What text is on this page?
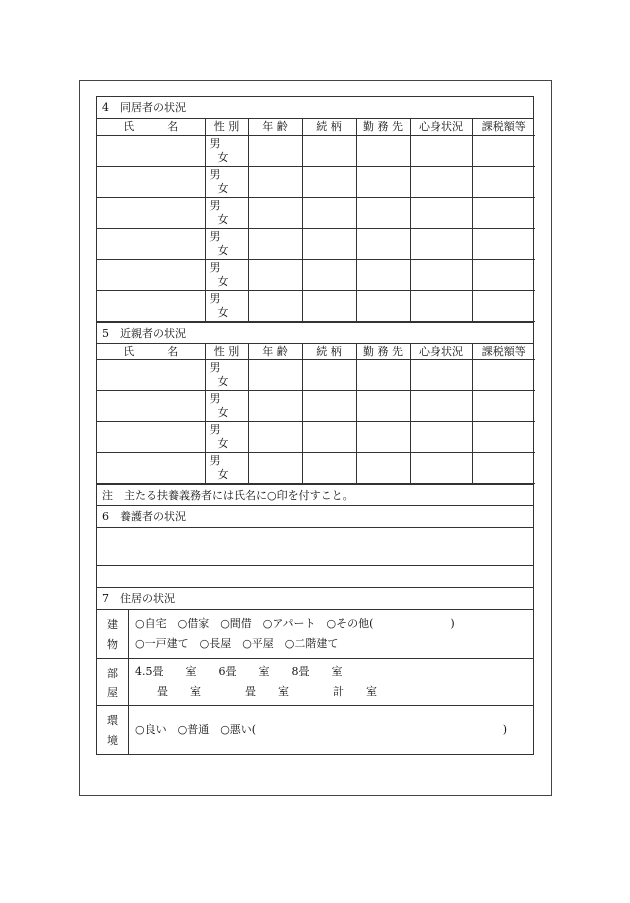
4　同居者の状況
氏　　　名	性 別	年 齢	続 柄	勤 務 先	心身状況	課税額等

	男
女					

	男
女					

	男
女					

	男
女					

	男
女					

	男
女					

5　近親者の状況
氏　　　名	性 別	年 齢	続 柄	勤 務 先	心身状況	課税額等

	男
女					

	男
女					

	男
女					

	男
女					

注　主たる扶養義務者には氏名に○印を付すこと。
6　養護者の状況
7　住居の状況
建
物
○自宅　○借家　○間借　○アパート　○その他(　　　　　　　)
○一戸建て　○長屋　○平屋　○二階建て
部
屋
4.5畳　　室　　6畳　　室　　8畳　　室
　　畳　　室　　　　畳　　室　　　　計　　室
環
境
○良い　○普通　○悪い(	)
